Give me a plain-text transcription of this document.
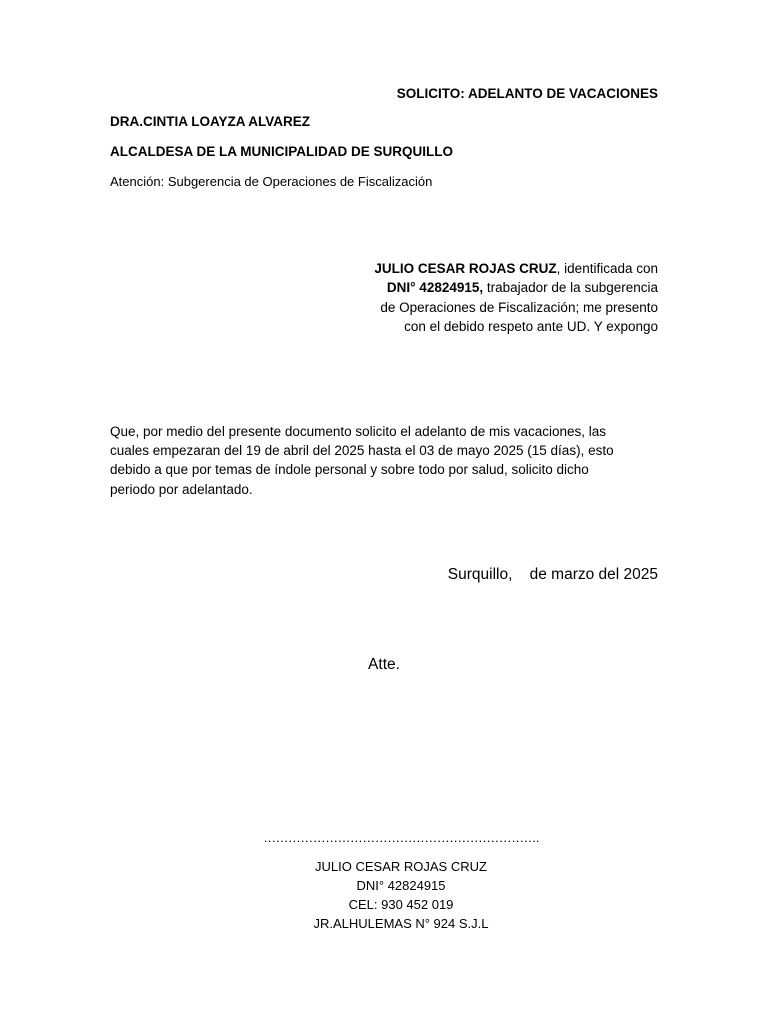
SOLICITO: ADELANTO DE VACACIONES

DRA.CINTIA LOAYZA ALVAREZ

ALCALDESA DE LA MUNICIPALIDAD DE SURQUILLO

Atención: Subgerencia de Operaciones de Fiscalización

JULIO CESAR ROJAS CRUZ, identificada con
DNI° 42824915, trabajador de la subgerencia
de Operaciones de Fiscalización; me presento
con el debido respeto ante UD. Y expongo
Que, por medio del presente documento solicito el adelanto de mis vacaciones, las
cuales empezaran del 19 de abril del 2025 hasta el 03 de mayo 2025 (15 días), esto
debido a que por temas de índole personal y sobre todo por salud, solicito dicho
periodo por adelantado.

Surquillo,    de marzo del 2025

Atte.

………………………………………………………….
JULIO CESAR ROJAS CRUZ
DNI° 42824915
CEL: 930 452 019
JR.ALHULEMAS N° 924 S.J.L
